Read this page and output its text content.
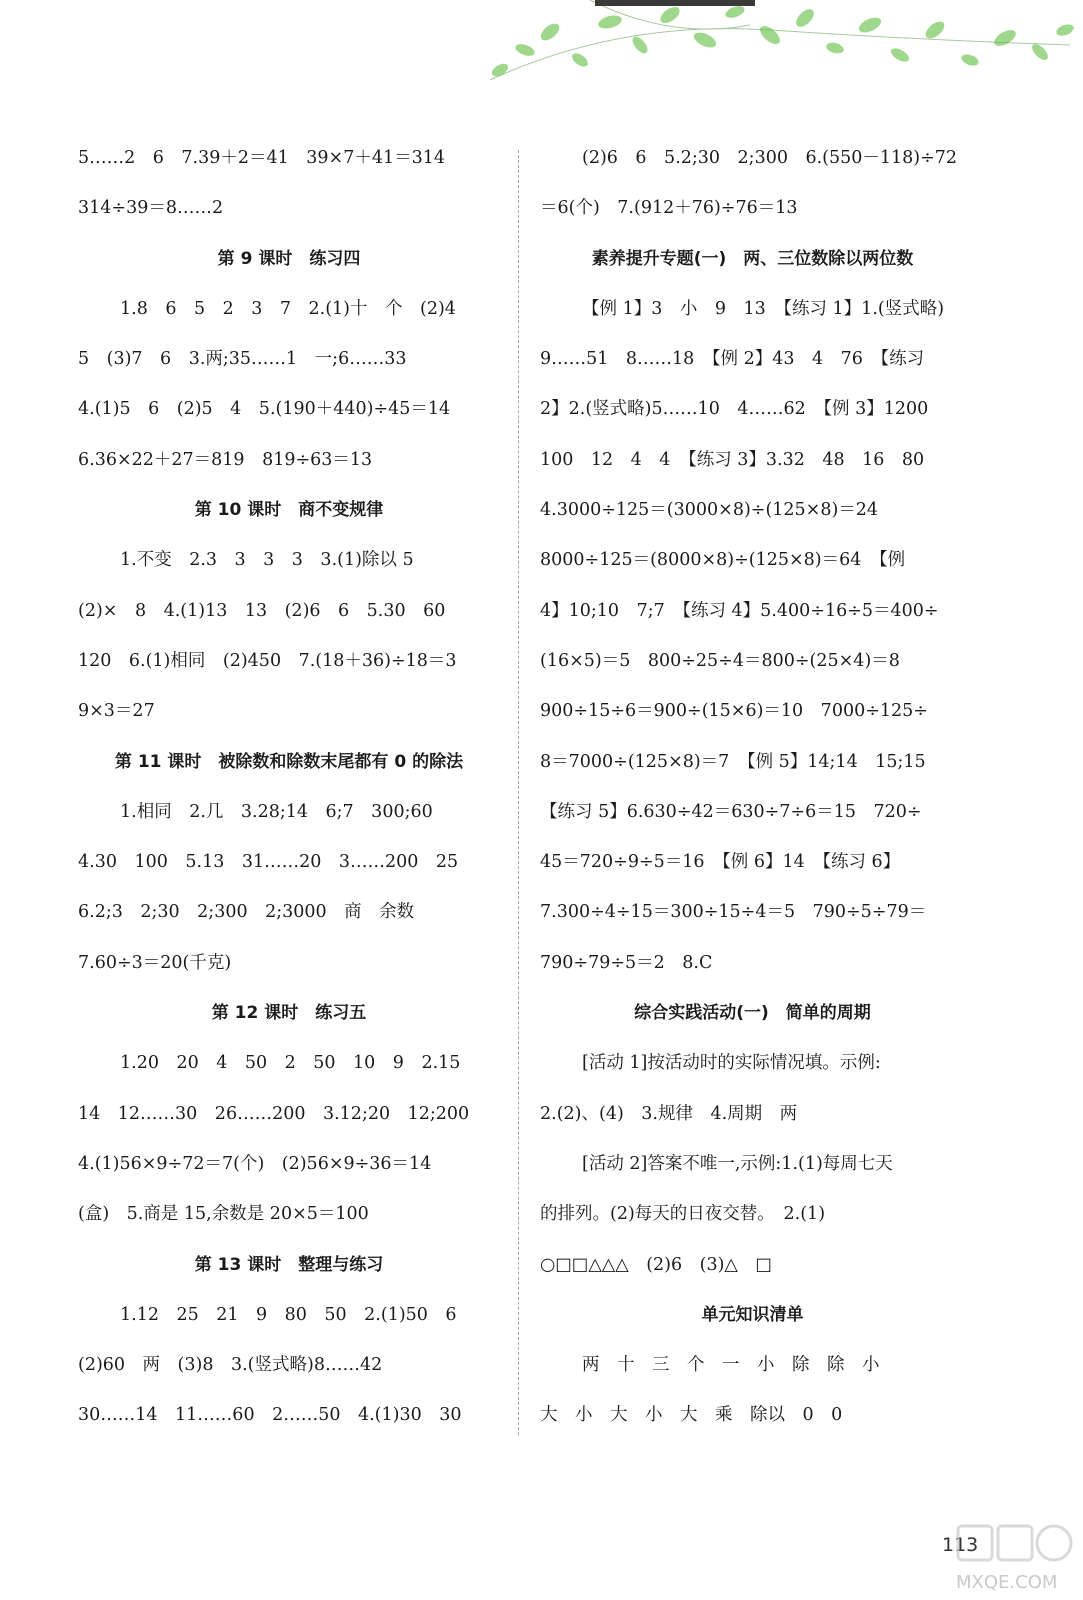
5……2　6　7.39＋2＝41　39×7＋41＝314
314÷39＝8……2
第 9 课时　练习四
1.8　6　5　2　3　7　2.(1)十　个　(2)4
5　(3)7　6　3.两;35……1　一;6……33
4.(1)5　6　(2)5　4　5.(190＋440)÷45＝14
6.36×22＋27＝819　819÷63＝13
第 10 课时　商不变规律
1.不变　2.3　3　3　3　3.(1)除以 5
(2)×　8　4.(1)13　13　(2)6　6　5.30　60
120　6.(1)相同　(2)450　7.(18＋36)÷18＝3
9×3＝27
第 11 课时　被除数和除数末尾都有 0 的除法
1.相同　2.几　3.28;14　6;7　300;60
4.30　100　5.13　31……20　3……200　25
6.2;3　2;30　2;300　2;3000　商　余数
7.60÷3＝20(千克)
第 12 课时　练习五
1.20　20　4　50　2　50　10　9　2.15
14　12……30　26……200　3.12;20　12;200
4.(1)56×9÷72＝7(个)　(2)56×9÷36＝14
(盒)　5.商是 15,余数是 20×5＝100
第 13 课时　整理与练习
1.12　25　21　9　80　50　2.(1)50　6
(2)60　两　(3)8　3.(竖式略)8……42
30……14　11……60　2……50　4.(1)30　30
(2)6　6　5.2;30　2;300　6.(550－118)÷72
＝6(个)　7.(912＋76)÷76＝13
素养提升专题(一)　两、三位数除以两位数
【例 1】3　小　9　13　【练习 1】1.(竖式略)
9……51　8……18　【例 2】43　4　76　【练习
2】2.(竖式略)5……10　4……62　【例 3】1200
100　12　4　4　【练习 3】3.32　48　16　80
4.3000÷125＝(3000×8)÷(125×8)＝24
8000÷125＝(8000×8)÷(125×8)＝64　【例
4】10;10　7;7　【练习 4】5.400÷16÷5＝400÷
(16×5)＝5　800÷25÷4＝800÷(25×4)＝8
900÷15÷6＝900÷(15×6)＝10　7000÷125÷
8＝7000÷(125×8)＝7　【例 5】14;14　15;15
【练习 5】6.630÷42＝630÷7÷6＝15　720÷
45＝720÷9÷5＝16　【例 6】14　【练习 6】
7.300÷4÷15＝300÷15÷4＝5　790÷5÷79＝
790÷79÷5＝2　8.C
综合实践活动(一)　简单的周期
[活动 1]按活动时的实际情况填。示例:
2.(2)、(4)　3.规律　4.周期　两
[活动 2]答案不唯一,示例:1.(1)每周七天
的排列。(2)每天的日夜交替。　2.(1)
○□□△△△　(2)6　(3)△　□
单元知识清单
两　十　三　个　一　小　除　除　小
大　小　大　小　大　乘　除以　0　0
113
MXQE.COM
